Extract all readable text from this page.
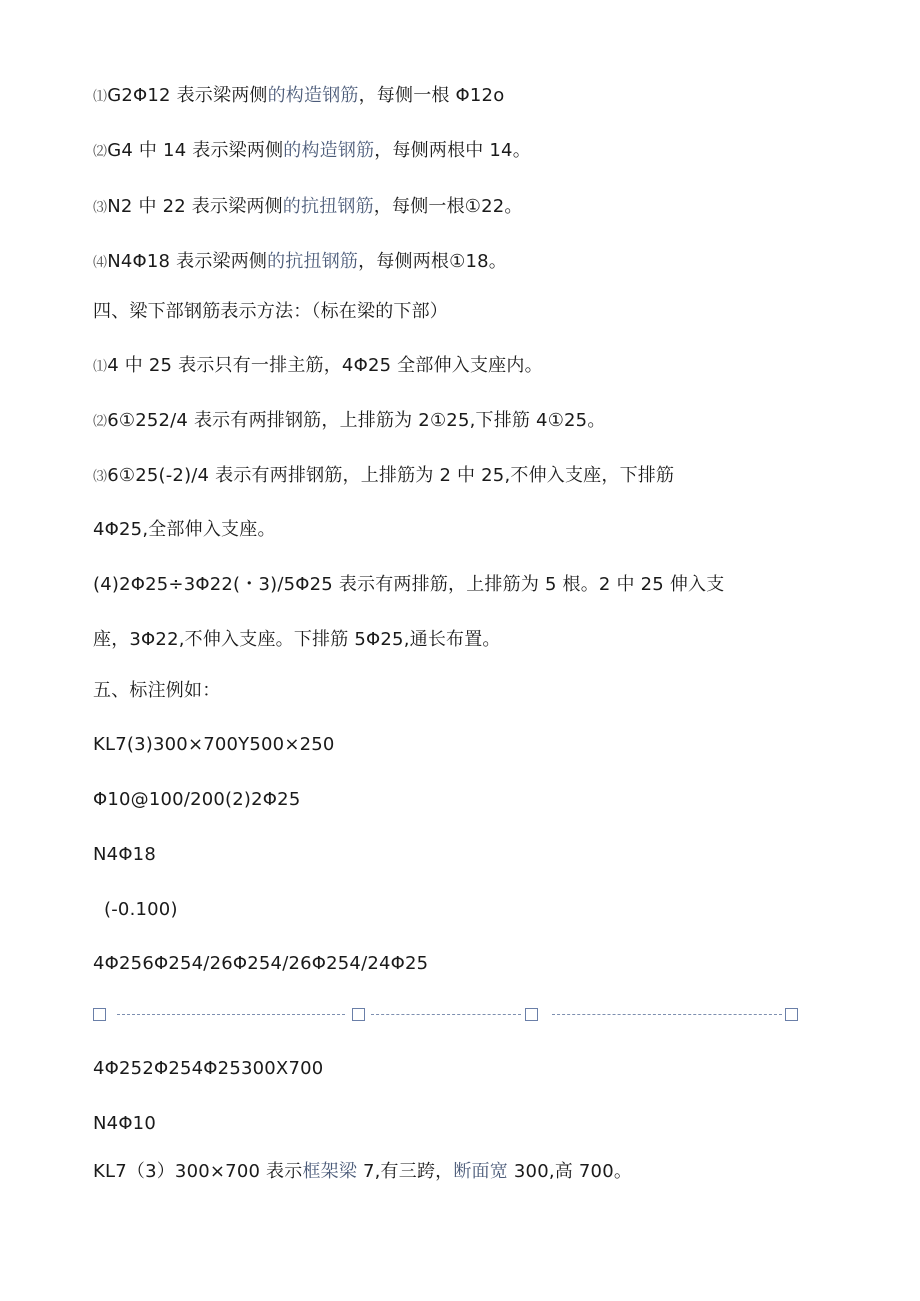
⑴G2Φ12 表示梁两侧的构造钢筋，每侧一根 Φ12o
⑵G4 中 14 表示梁两侧的构造钢筋，每侧两根中 14。
⑶N2 中 22 表示梁两侧的抗扭钢筋，每侧一根①22。
⑷N4Φ18 表示梁两侧的抗扭钢筋，每侧两根①18。
四、梁下部钢筋表示方法：（标在梁的下部）
⑴4 中 25 表示只有一排主筋，4Φ25 全部伸入支座内。
⑵6①252/4 表示有两排钢筋，上排筋为 2①25,下排筋 4①25。
⑶6①25(-2)/4 表示有两排钢筋，上排筋为 2 中 25,不伸入支座，下排筋
4Φ25,全部伸入支座。
(4)2Φ25÷3Φ22(・3)∕5Φ25 表示有两排筋，上排筋为 5 根。2 中 25 伸入支
座，3Φ22,不伸入支座。下排筋 5Φ25,通长布置。
五、标注例如：
KL7(3)300×700Y500×250
Φ10@100/200(2)2Φ25
N4Φ18
(-0.100)
4Φ256Φ254/26Φ254/26Φ254/24Φ25
4Φ252Φ254Φ25300X700
N4Φ10
KL7（3）300×700 表示框架梁 7,有三跨，断面宽 300,高 700。
